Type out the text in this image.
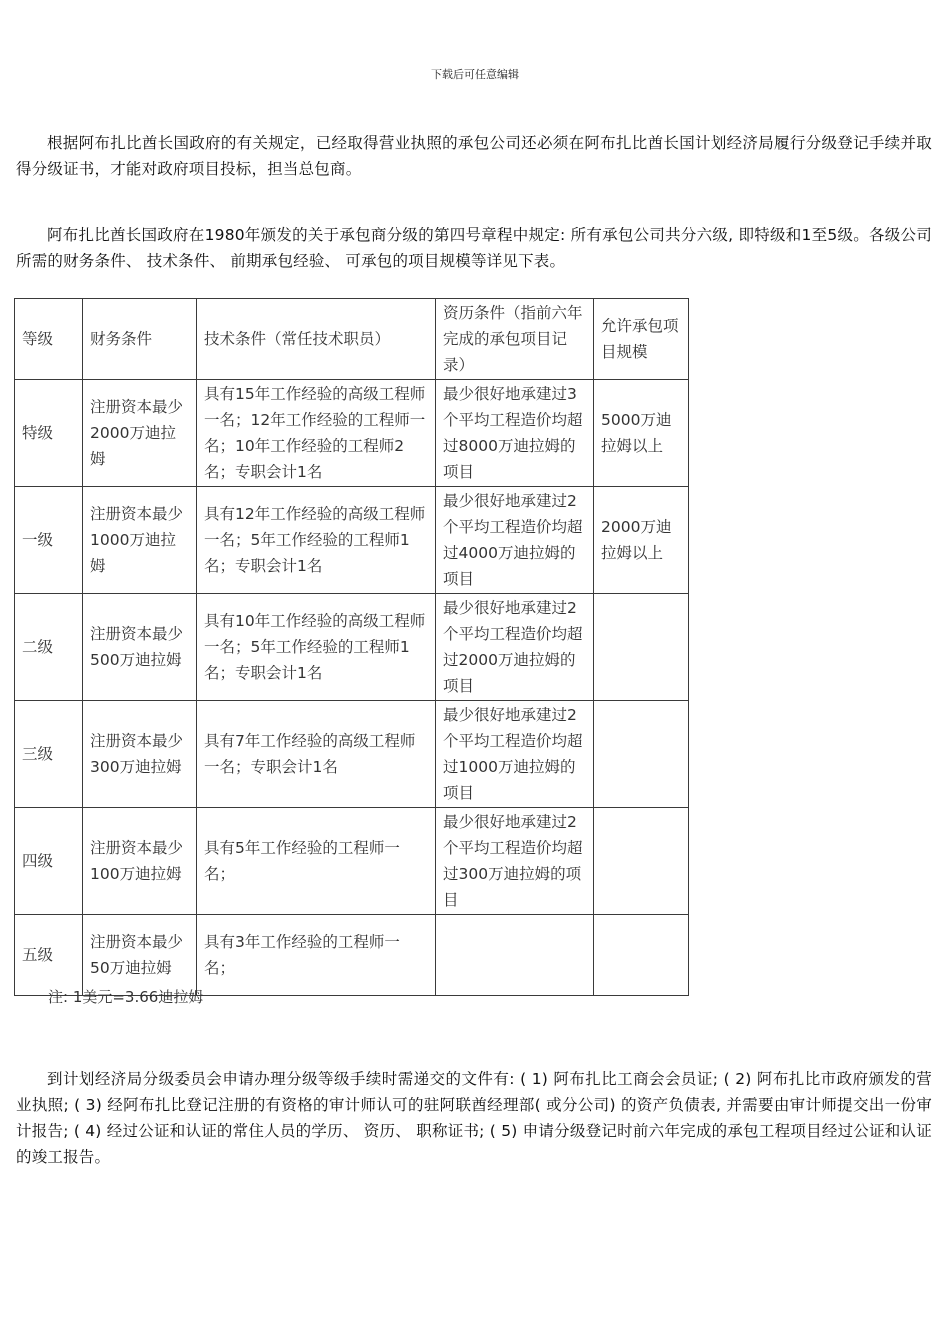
下载后可任意编辑
根据阿布扎比酋长国政府的有关规定，已经取得营业执照的承包公司还必须在阿布扎比酋长国计划经济局履行分级登记手续并取得分级证书，才能对政府项目投标，担当总包商。
阿布扎比酋长国政府在1980年颁发的关于承包商分级的第四号章程中规定: 所有承包公司共分六级, 即特级和1至5级。各级公司所需的财务条件、 技术条件、 前期承包经验、 可承包的项目规模等详见下表。
等级	财务条件	技术条件（常任技术职员）	资历条件（指前六年完成的承包项目记录）	允许承包项目规模
特级	注册资本最少2000万迪拉姆	具有15年工作经验的高级工程师一名；12年工作经验的工程师一名；10年工作经验的工程师2名；专职会计1名	最少很好地承建过3个平均工程造价均超过8000万迪拉姆的项目	5000万迪拉姆以上
一级	注册资本最少1000万迪拉姆	具有12年工作经验的高级工程师一名；5年工作经验的工程师1名；专职会计1名	最少很好地承建过2个平均工程造价均超过4000万迪拉姆的项目	2000万迪拉姆以上
二级	注册资本最少500万迪拉姆	具有10年工作经验的高级工程师一名；5年工作经验的工程师1名；专职会计1名	最少很好地承建过2个平均工程造价均超过2000万迪拉姆的项目	
三级	注册资本最少300万迪拉姆	具有7年工作经验的高级工程师一名；专职会计1名	最少很好地承建过2个平均工程造价均超过1000万迪拉姆的项目	
四级	注册资本最少100万迪拉姆	具有5年工作经验的工程师一名；	最少很好地承建过2个平均工程造价均超过300万迪拉姆的项目	
五级	注册资本最少50万迪拉姆	具有3年工作经验的工程师一名；		
注: 1美元=3.66迪拉姆
到计划经济局分级委员会申请办理分级等级手续时需递交的文件有: ( 1) 阿布扎比工商会会员证; ( 2) 阿布扎比市政府颁发的营业执照; ( 3) 经阿布扎比登记注册的有资格的审计师认可的驻阿联酋经理部( 或分公司) 的资产负债表, 并需要由审计师提交出一份审计报告; ( 4) 经过公证和认证的常住人员的学历、 资历、 职称证书; ( 5) 申请分级登记时前六年完成的承包工程项目经过公证和认证的竣工报告。
